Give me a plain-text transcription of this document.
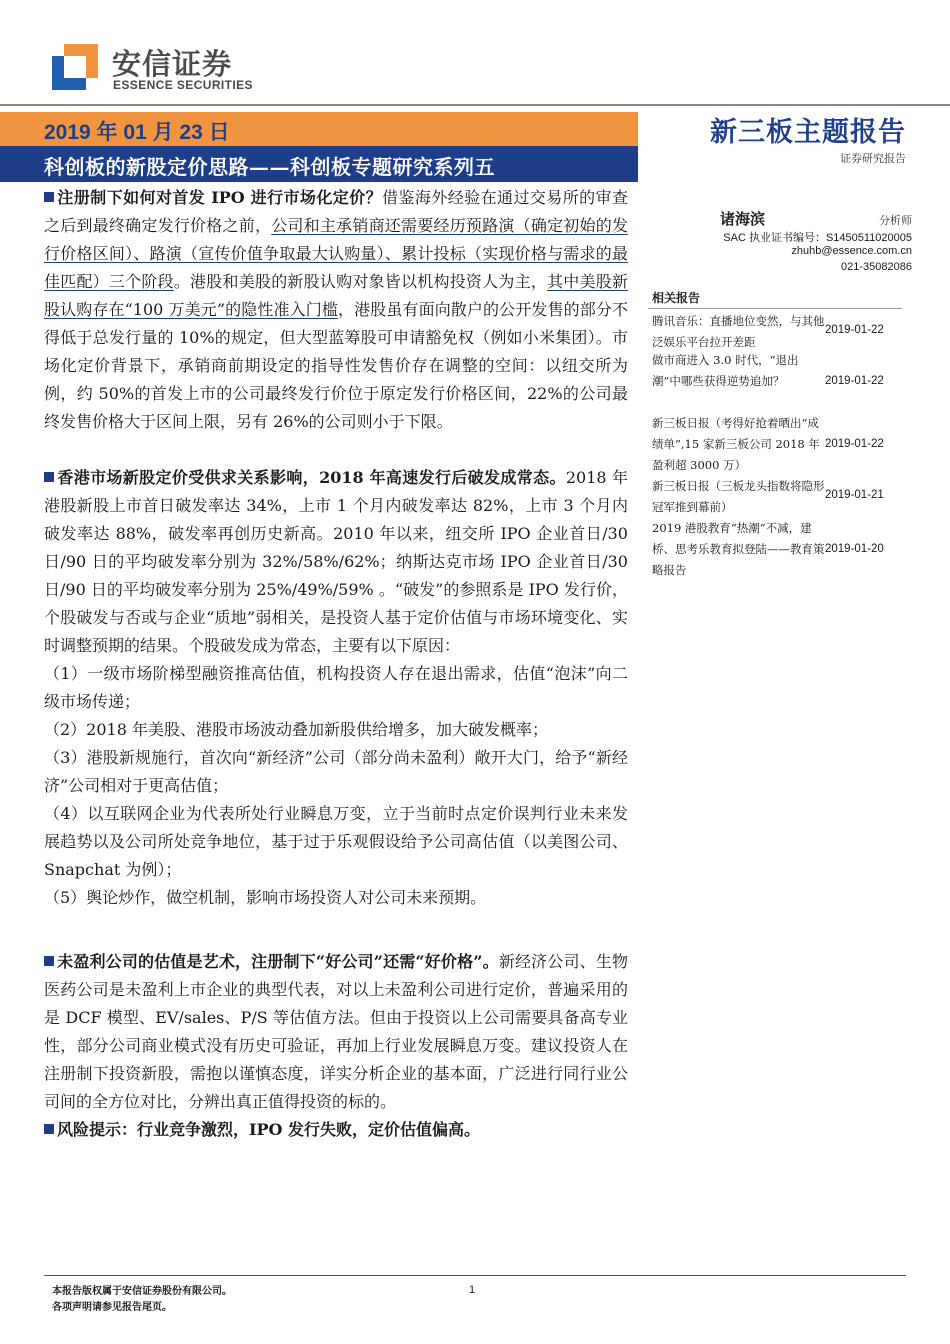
安信证券
ESSENCE SECURITIES
2019 年 01 月 23 日
科创板的新股定价思路——科创板专题研究系列五
新三板主题报告
证券研究报告
诸海滨	分析师
SAC 执业证书编号：S1450511020005
zhuhb@essence.com.cn
021-35082086
相关报告
腾讯音乐：直播地位变然，与其他泛娱乐平台拉开差距
2019-01-22
做市商进入 3.0 时代，“退出潮”中哪些获得逆势追加？	2019-01-22
新三板日报（考得好抢着晒出“成绩单”,15 家新三板公司 2018 年盈利超 3000 万）
2019-01-22
新三板日报（三板龙头指数将隐形冠军推到幕前）
2019-01-21
2019 港股教育“热潮”不减，建桥、思考乐教育拟登陆——教育策略报告
2019-01-20

注册制下如何对首发 IPO 进行市场化定价？借鉴海外经验在通过交易所的审查之后到最终确定发行价格之前，公司和主承销商还需要经历预路演（确定初始的发行价格区间）、路演（宣传价值争取最大认购量）、累计投标（实现价格与需求的最佳匹配）三个阶段。港股和美股的新股认购对象皆以机构投资人为主，其中美股新股认购存在“100 万美元”的隐性准入门槛，港股虽有面向散户的公开发售的部分不得低于总发行量的 10%的规定，但大型蓝筹股可申请豁免权（例如小米集团）。市场化定价背景下，承销商前期设定的指导性发售价存在调整的空间：以纽交所为例，约 50%的首发上市的公司最终发行价位于原定发行价格区间，22%的公司最终发售价格大于区间上限，另有 26%的公司则小于下限。

香港市场新股定价受供求关系影响，2018 年高速发行后破发成常态。2018 年港股新股上市首日破发率达 34%，上市 1 个月内破发率达 82%，上市 3 个月内破发率达 88%，破发率再创历史新高。2010 年以来，纽交所 IPO 企业首日/30 日/90 日的平均破发率分别为 32%/58%/62%；纳斯达克市场 IPO 企业首日/30 日/90 日的平均破发率分别为 25%/49%/59% 。“破发”的参照系是 IPO 发行价，个股破发与否或与企业“质地”弱相关，是投资人基于定价估值与市场环境变化、实时调整预期的结果。个股破发成为常态，主要有以下原因：

（1）一级市场阶梯型融资推高估值，机构投资人存在退出需求，估值“泡沫”向二级市场传递；

（2）2018 年美股、港股市场波动叠加新股供给增多，加大破发概率；

（3）港股新规施行，首次向“新经济”公司（部分尚未盈利）敞开大门，给予“新经济”公司相对于更高估值；

（4）以互联网企业为代表所处行业瞬息万变，立于当前时点定价误判行业未来发展趋势以及公司所处竞争地位，基于过于乐观假设给予公司高估值（以美图公司、Snapchat 为例）；

（5）舆论炒作，做空机制，影响市场投资人对公司未来预期。

未盈利公司的估值是艺术，注册制下“好公司”还需“好价格”。新经济公司、生物医药公司是未盈利上市企业的典型代表，对以上未盈利公司进行定价，普遍采用的是 DCF 模型、EV/sales、P/S 等估值方法。但由于投资以上公司需要具备高专业性，部分公司商业模式没有历史可验证，再加上行业发展瞬息万变。建议投资人在注册制下投资新股，需抱以谨慎态度，详实分析企业的基本面，广泛进行同行业公司间的全方位对比，分辨出真正值得投资的标的。

风险提示：行业竞争激烈，IPO 发行失败，定价估值偏高。

本报告版权属于安信证券股份有限公司。
各项声明请参见报告尾页。
1
